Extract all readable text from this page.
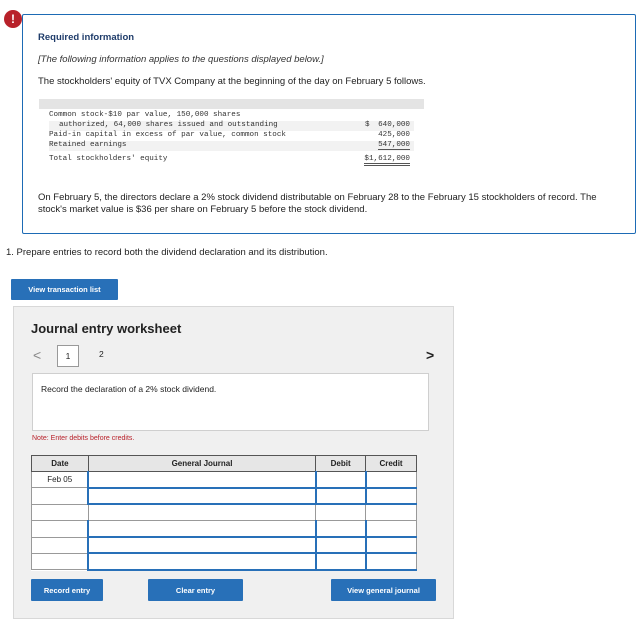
!
Required information
[The following information applies to the questions displayed below.]
The stockholders' equity of TVX Company at the beginning of the day on February 5 follows.
Common stock-$10 par value, 150,000 shares
authorized, 64,000 shares issued and outstanding	$ 640,000
Paid-in capital in excess of par value, common stock	425,000
Retained earnings	547,000
Total stockholders' equity	$1,612,000
On February 5, the directors declare a 2% stock dividend distributable on February 28 to the February 15 stockholders of record. The stock's market value is $36 per share on February 5 before the stock dividend.
1. Prepare entries to record both the dividend declaration and its distribution.
View transaction list
Journal entry worksheet
<	1	2	>
Record the declaration of a 2% stock dividend.
Note: Enter debits before credits.
Date	General Journal	Debit	Credit
Feb 05			

Record entry	Clear entry	View general journal
